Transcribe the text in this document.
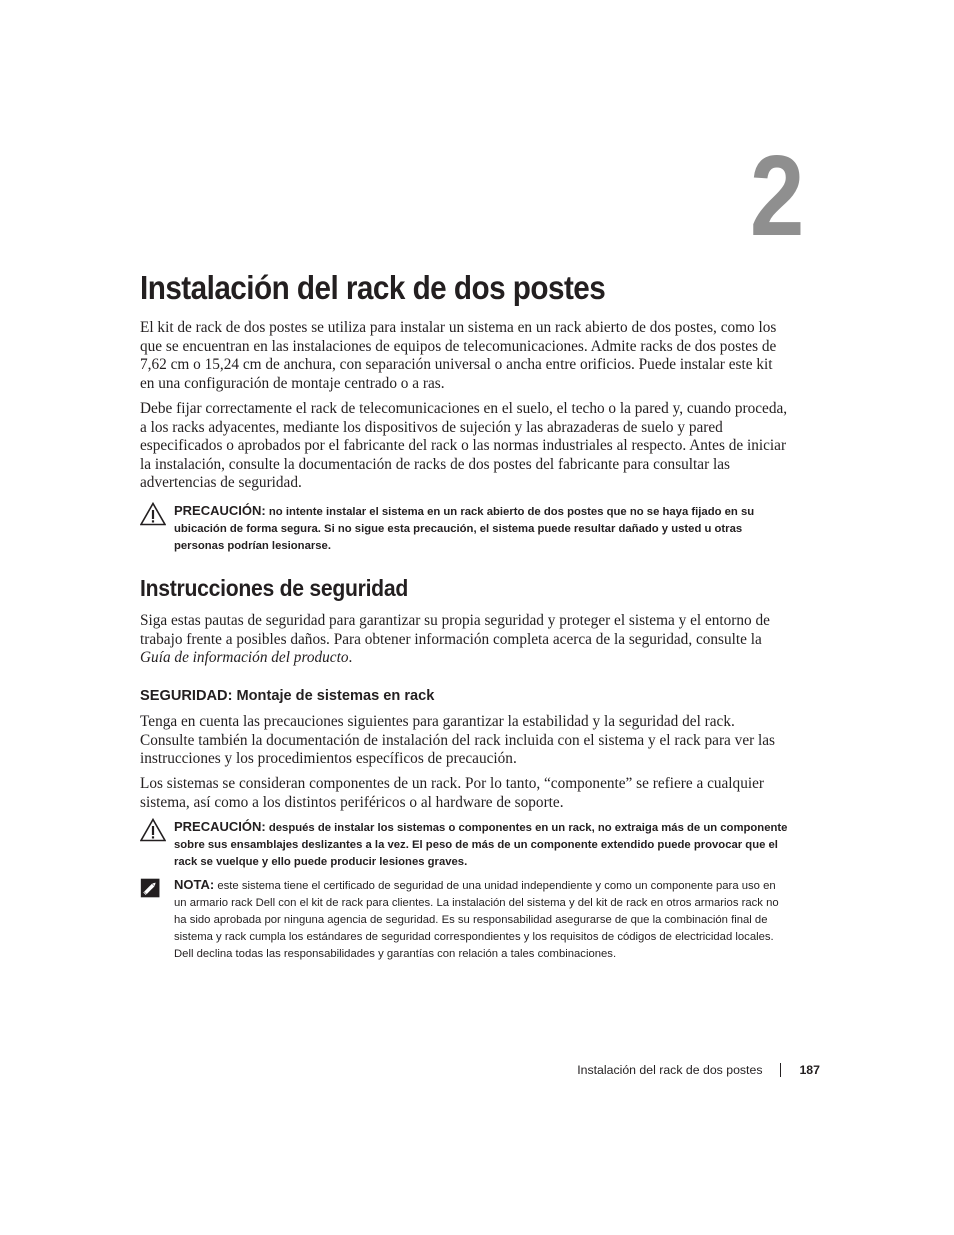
2
Instalación del rack de dos postes

El kit de rack de dos postes se utiliza para instalar un sistema en un rack abierto de dos postes, como los que se encuentran en las instalaciones de equipos de telecomunicaciones. Admite racks de dos postes de 7,62 cm o 15,24 cm de anchura, con separación universal o ancha entre orificios. Puede instalar este kit en una configuración de montaje centrado o a ras.

Debe fijar correctamente el rack de telecomunicaciones en el suelo, el techo o la pared y, cuando proceda, a los racks adyacentes, mediante los dispositivos de sujeción y las abrazaderas de suelo y pared especificados o aprobados por el fabricante del rack o las normas industriales al respecto. Antes de iniciar la instalación, consulte la documentación de racks de dos postes del fabricante para consultar las advertencias de seguridad.

PRECAUCIÓN: no intente instalar el sistema en un rack abierto de dos postes que no se haya fijado en su ubicación de forma segura. Si no sigue esta precaución, el sistema puede resultar dañado y usted u otras personas podrían lesionarse.
Instrucciones de seguridad

Siga estas pautas de seguridad para garantizar su propia seguridad y proteger el sistema y el entorno de trabajo frente a posibles daños. Para obtener información completa acerca de la seguridad, consulte la Guía de información del producto.

SEGURIDAD: Montaje de sistemas en rack

Tenga en cuenta las precauciones siguientes para garantizar la estabilidad y la seguridad del rack. Consulte también la documentación de instalación del rack incluida con el sistema y el rack para ver las instrucciones y los procedimientos específicos de precaución.

Los sistemas se consideran componentes de un rack. Por lo tanto, “componente” se refiere a cualquier sistema, así como a los distintos periféricos o al hardware de soporte.

PRECAUCIÓN: después de instalar los sistemas o componentes en un rack, no extraiga más de un componente sobre sus ensamblajes deslizantes a la vez. El peso de más de un componente extendido puede provocar que el rack se vuelque y ello puede producir lesiones graves.
NOTA: este sistema tiene el certificado de seguridad de una unidad independiente y como un componente para uso en un armario rack Dell con el kit de rack para clientes. La instalación del sistema y del kit de rack en otros armarios rack no ha sido aprobada por ninguna agencia de seguridad. Es su responsabilidad asegurarse de que la combinación final de sistema y rack cumpla los estándares de seguridad correspondientes y los requisitos de códigos de electricidad locales. Dell declina todas las responsabilidades y garantías con relación a tales combinaciones.
Instalación del rack de dos postes	187
